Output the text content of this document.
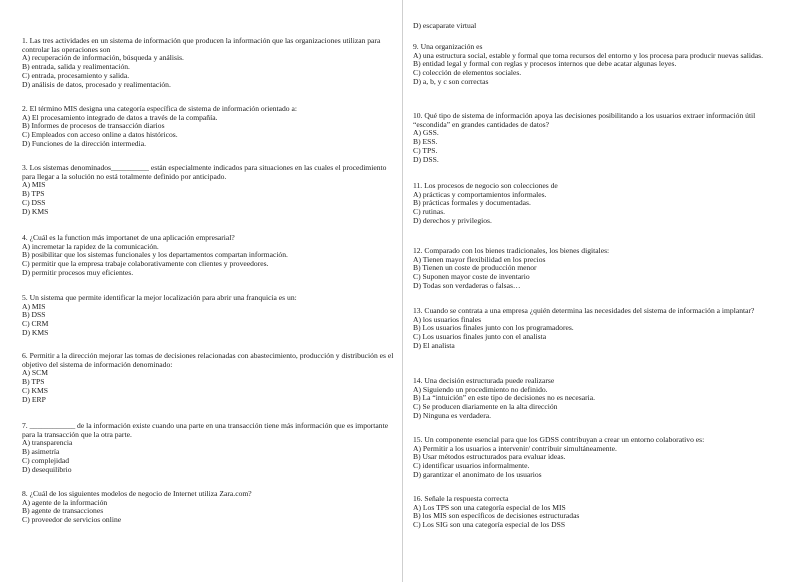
1. Las tres actividades en un sistema de información que producen la información que las organizaciones utilizan para controlar las operaciones son
A) recuperación de información, búsqueda y análisis.
B) entrada, salida y realimentación.
C) entrada, procesamiento y salida.
D) análisis de datos, procesado y realimentación.
2. El término MIS designa una categoría específica de sistema de información orientado a:
A) El procesamiento integrado de datos a través de la compañía.
B) Informes de procesos de transacción diarios
C) Empleados con acceso online a datos históricos.
D) Funciones de la dirección intermedia.
3. Los sistemas denominados__________ están especialmente indicados para situaciones en las cuales el procedimiento para llegar a la solución no está totalmente definido por anticipado.
A) MIS
B) TPS
C) DSS
D) KMS
4. ¿Cuál es la function más importanet de una aplicación empresarial?
A) incremetar la rapidez de la comunicación.
B) posibilitar que los sistemas funcionales y los departamentos compartan información.
C) permitir que la empresa trabaje colaborativamente con clientes y proveedores.
D) permitir procesos muy eficientes.
5. Un sistema que permite identificar la mejor localización para abrir una franquicia es un:
A) MIS
B) DSS
C) CRM
D) KMS
6. Permitir a la dirección mejorar las tomas de decisiones relacionadas con abastecimiento, producción y distribución es el objetivo del sistema de información denominado:
A) SCM
B) TPS
C) KMS
D) ERP
7. ____________ de la información existe cuando una parte en una transacción tiene más información que es importante para la transacción que la otra parte.
A) transparencia
B) asimetría
C) complejidad
D) desequilibrio
8. ¿Cuál de los siguientes modelos de negocio de Internet utiliza Zara.com?
A) agente de la información
B) agente de transacciones
C) proveedor de servicios online
D) escaparate virtual
9. Una organización es
A) una estructura social, estable y formal que toma recursos del entorno y los procesa para producir nuevas salidas.
B) entidad legal y formal con reglas y procesos internos que debe acatar algunas leyes.
C) colección de elementos sociales.
D) a, b, y c son correctas
10. Qué tipo de sistema de información apoya las decisiones posibilitando a los usuarios extraer información útil “escondida” en grandes cantidades de datos?
A) GSS.
B) ESS.
C) TPS.
D) DSS.
11. Los procesos de negocio son colecciones de
A) prácticas y comportamientos informales.
B) prácticas formales y documentadas.
C) rutinas.
D) derechos y privilegios.
12. Comparado con los bienes tradicionales, los bienes digitales:
A) Tienen mayor flexibilidad en los precios
B) Tienen un coste de producción menor
C) Suponen mayor coste de inventario
D) Todas son verdaderas o falsas…
13. Cuando se contrata a una empresa ¿quién determina las necesidades del sistema de información a implantar?
A) los usuarios finales
B) Los usuarios finales junto con los programadores.
C) Los usuarios finales junto con el analista
D) El analista
14. Una decisión estructurada puede realizarse
A) Siguiendo un procedimiento no definido.
B) La “intuición” en este tipo de decisiones no es necesaria.
C) Se producen diariamente en la alta dirección
D) Ninguna es verdadera.
15. Un componente esencial para que los GDSS contribuyan a crear un entorno colaborativo es:
A) Permitir a los usuarios a intervenir/ contribuir simultáneamente.
B) Usar métodos estructurados para evaluar ideas.
C) identificar usuarios informalmente.
D) garantizar el anonimato de los usuarios
16. Señale la respuesta correcta
A) Los TPS son una categoría especial de los MIS
B) los MIS son específicos de decisiones estructuradas
C) Los SIG son una categoría especial de los DSS
